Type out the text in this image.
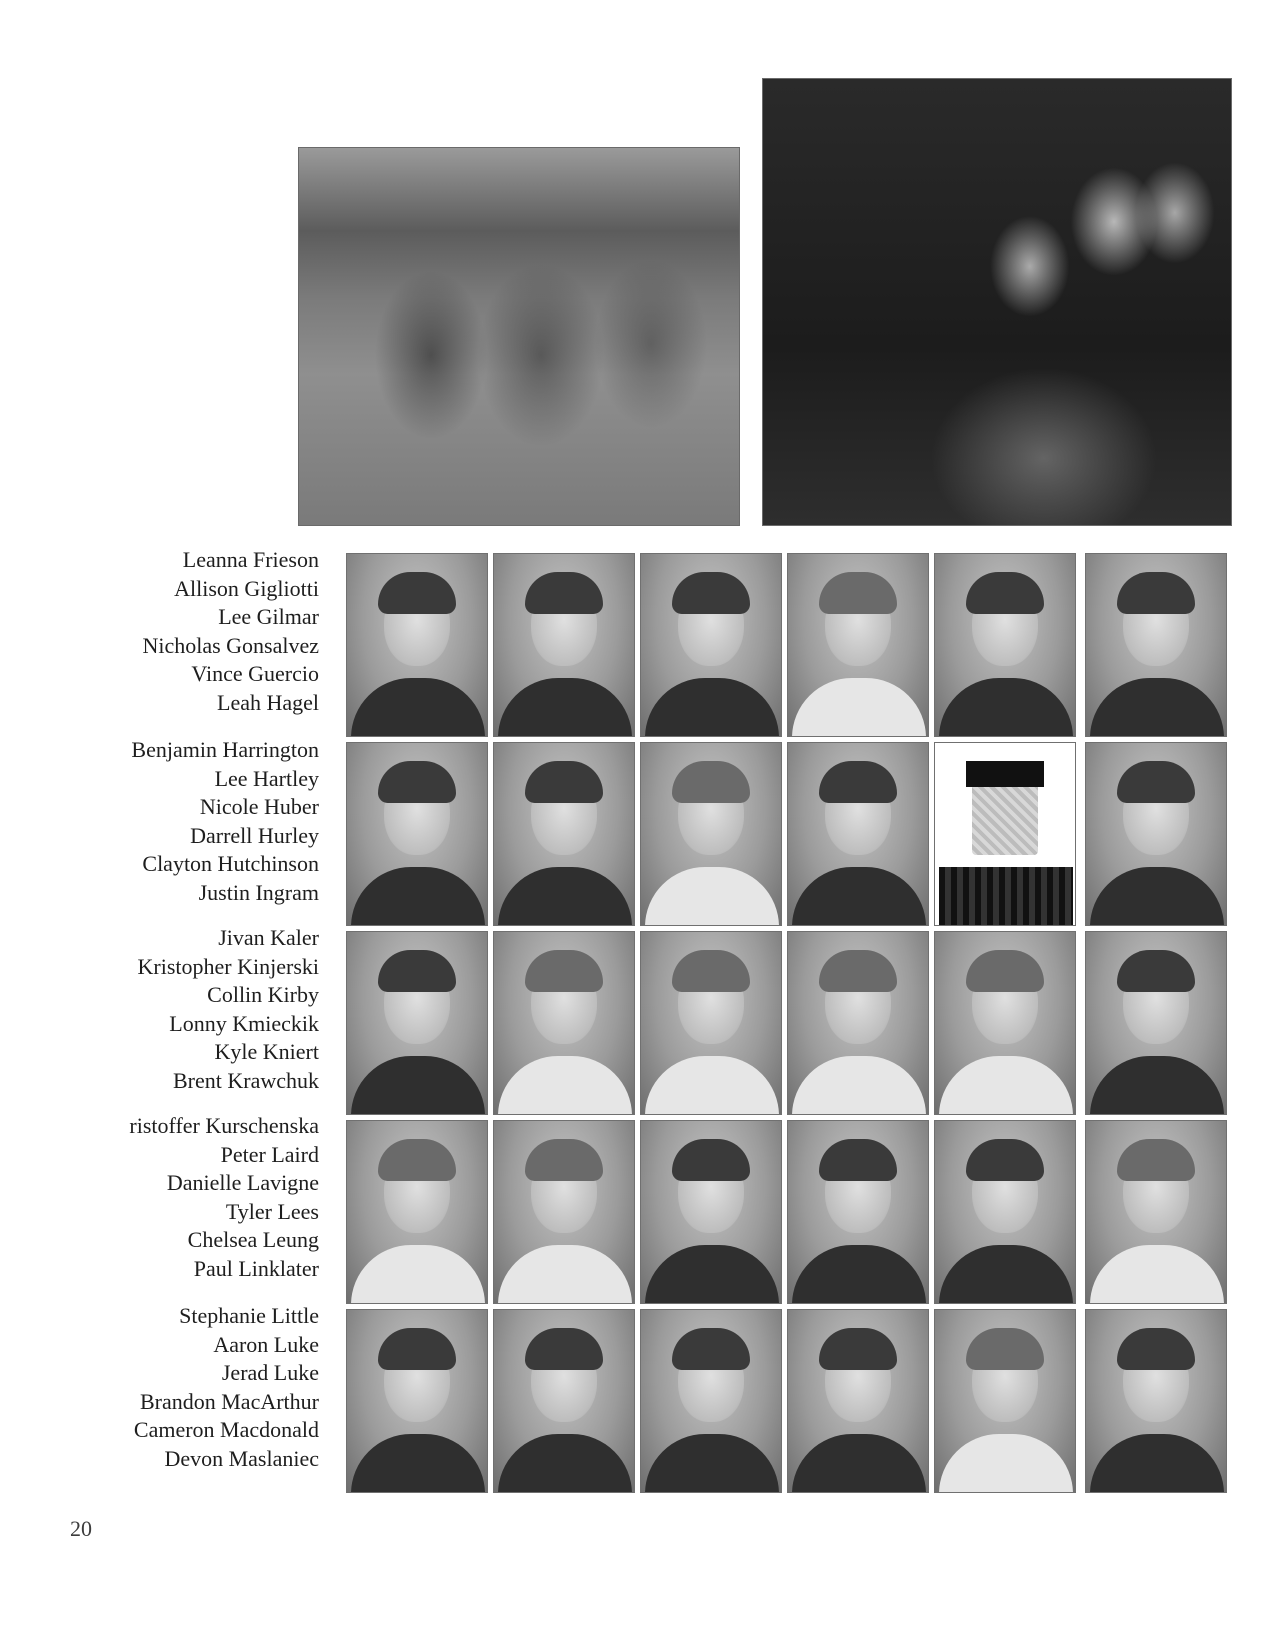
Leanna Frieson
Allison Gigliotti
Lee Gilmar
Nicholas Gonsalvez
Vince Guercio
Leah Hagel
Benjamin Harrington
Lee Hartley
Nicole Huber
Darrell Hurley
Clayton Hutchinson
Justin Ingram
Jivan Kaler
Kristopher Kinjerski
Collin Kirby
Lonny Kmieckik
Kyle Kniert
Brent Krawchuk
ristoffer Kurschenska
Peter Laird
Danielle Lavigne
Tyler Lees
Chelsea Leung
Paul Linklater
Stephanie Little
Aaron Luke
Jerad Luke
Brandon MacArthur
Cameron Macdonald
Devon Maslaniec
20
